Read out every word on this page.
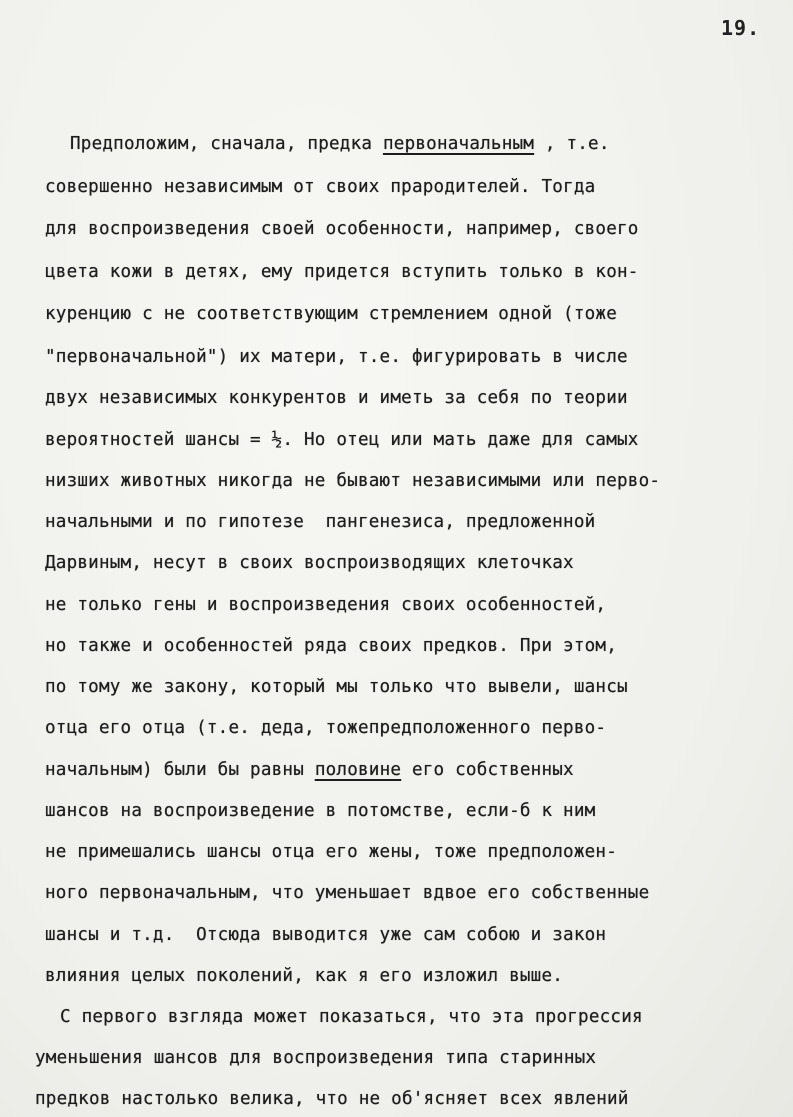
19.
Предположим, сначала, предка первоначальным , т.е.
совершенно независимым от своих прародителей. Тогда
для воспроизведения своей особенности, например, своего
цвета кожи в детях, ему придется вступить только в кон-
куренцию с не соответствующим стремлением одной (тоже
"первоначальной") их матери, т.е. фигурировать в числе
двух независимых конкурентов и иметь за себя по теории
вероятностей шансы = ½. Но отец или мать даже для самых
низших животных никогда не бывают независимыми или перво-
начальными и по гипотезе  пангенезиса, предложенной
Дарвиным, несут в своих воспроизводящих клеточках
не только гены и воспроизведения своих особенностей,
но также и особенностей ряда своих предков. При этом,
по тому же закону, который мы только что вывели, шансы
отца его отца (т.е. деда, тожепредположенного перво-
начальным) были бы равны половине его собственных
шансов на воспроизведение в потомстве, если-б к ним
не примешались шансы отца его жены, тоже предположен-
ного первоначальным, что уменьшает вдвое его собственные
шансы и т.д.  Отсюда выводится уже сам собою и закон
влияния целых поколений, как я его изложил выше.
С первого взгляда может показаться, что эта прогрессия
уменьшения шансов для воспроизведения типа старинных
предков настолько велика, что не об'ясняет всех явлений
